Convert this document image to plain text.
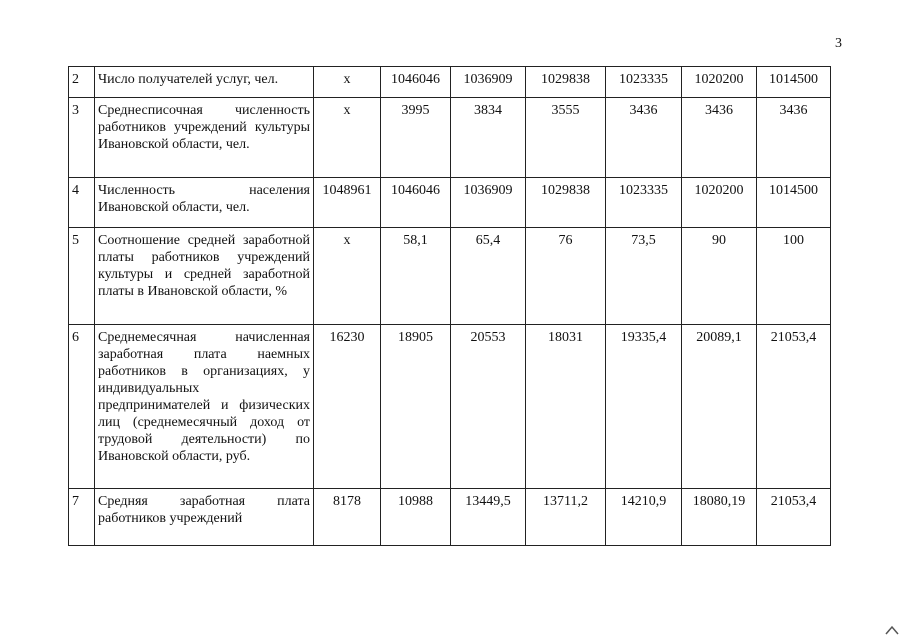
3
2	Число получателей услуг, чел.	x	1046046	1036909	1029838	1023335	1020200	1014500
3	Среднесписочная численность работников учреждений культуры Ивановской области, чел.	x	3995	3834	3555	3436	3436	3436
4	Численность населения Ивановской области, чел.	1048961	1046046	1036909	1029838	1023335	1020200	1014500
5	Соотношение средней заработной платы работников учреждений культуры и средней заработной платы в Ивановской области, %	x	58,1	65,4	76	73,5	90	100
6	Среднемесячная начисленная заработная плата наемных работников в организациях, у индивидуальных предпринимателей и физических лиц (среднемесячный доход от трудовой деятельности) по Ивановской области, руб.	16230	18905	20553	18031	19335,4	20089,1	21053,4
7	Средняя заработная плата работников учреждений	8178	10988	13449,5	13711,2	14210,9	18080,19	21053,4
